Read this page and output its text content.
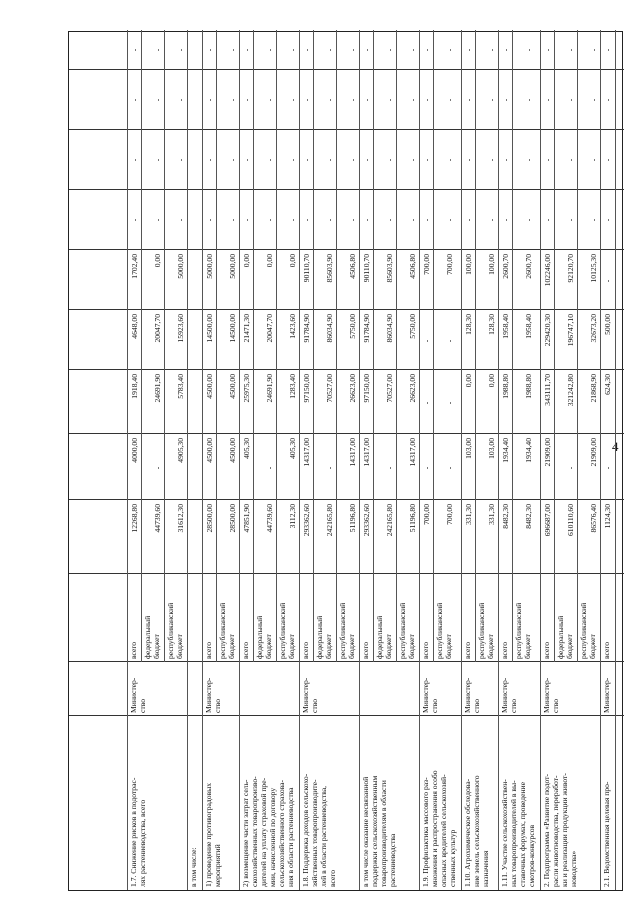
4
1.7. Снижение рисков в подотрас-
лях растениеводства, всего
Министер-
ство
всего
12268,80
4000,00
1918,40
4648,00
1702,40
-
-
-
-
федеральный
бюджет
44739,60
-
24691,90
20047,70
0,00
-
-
-
-
республиканский
бюджет
31612,30
4905,30
5783,40
15923,60
5000,00
-
-
-
-
в том числе: 1) проведение противоградовых
мероприятий
Министер-
ство
всего
28500,00
4500,00
4500,00
14500,00
5000,00
-
-
-
-
республиканский
бюджет
28500,00
4500,00
4500,00
14500,00
5000,00
-
-
-
-
2) возмещение части затрат сель-
скохозяйственных товаропроизво-
дителей на уплату страховой пре-
мии, начисленной по договору
сельскохозяйственного страхова-
ния в области растениеводства
всего
47851,90
405,30
25975,30
21471,30
0,00
-
-
-
-
федеральный
бюджет
44739,60
-
24691,90
20047,70
0,00
-
-
-
-
республиканский
бюджет
3112,30
405,30
1283,40
1423,60
0,00
-
-
-
-
1.8. Поддержка доходов сельскохо-
зяйственных товаропроизводите-
лей в области растениеводства,
всего
Министер-
ство
всего
293362,60
14317,00
97150,00
91784,90
90110,70
-
-
-
-
федеральный
бюджет
242165,80
-
70527,00
86034,90
85603,90
-
-
-
-
республиканский
бюджет
51196,80
14317,00
26623,00
5750,00
4506,80
-
-
-
-
в том числе оказание несвязанной
поддержки сельскохозяйственным
товаропроизводителям в области
растениеводства
всего
293362,60
14317,00
97150,00
91784,90
90110,70
-
-
-
-
федеральный
бюджет
242165,80
-
70527,00
86034,90
85603,90
-
-
-
-
республиканский
бюджет
51196,80
14317,00
26623,00
5750,00
4506,80
-
-
-
-
1.9. Профилактика массового раз-
множения и распространения особо
опасных вредителей сельскохозяй-
ственных культур
Министер-
ство
всего
700,00
-
-
-
700,00
-
-
-
-
республиканский
бюджет
700,00
-
-
-
700,00
-
-
-
-
1.10. Агрохимическое обследова-
ние земель сельскохозяйственного
назначения
Министер-
ство
всего
331,30
103,00
0,00
128,30
100,00
-
-
-
-
республиканский
бюджет
331,30
103,00
0,00
128,30
100,00
-
-
-
-
1.11. Участие сельскохозяйствен-
ных товаропроизводителей в вы-
ставочных форумах, проведение
смотров-конкурсов
Министер-
ство
всего
8482,30
1934,40
1988,80
1958,40
2600,70
-
-
-
-
республиканский
бюджет
8482,30
1934,40
1988,80
1958,40
2600,70
-
-
-
-
2. Подпрограмма «Развитие подот-
расли животноводства, переработ-
ки и реализации продукции живот-
новодства»
Министер-
ство
всего
696687,00
21909,00
343111,70
229420,30
102246,00
-
-
-
-
федеральный
бюджет
610110,60
-
321242,80
196747,10
92120,70
-
-
-
-
республиканский
бюджет
86576,40
21909,00
21868,90
32673,20
10125,30
-
-
-
-
2.1. Ведомственная целевая про-
Министер-
всего
1124,30
-
624,30
500,00
-
-
-
-
-
